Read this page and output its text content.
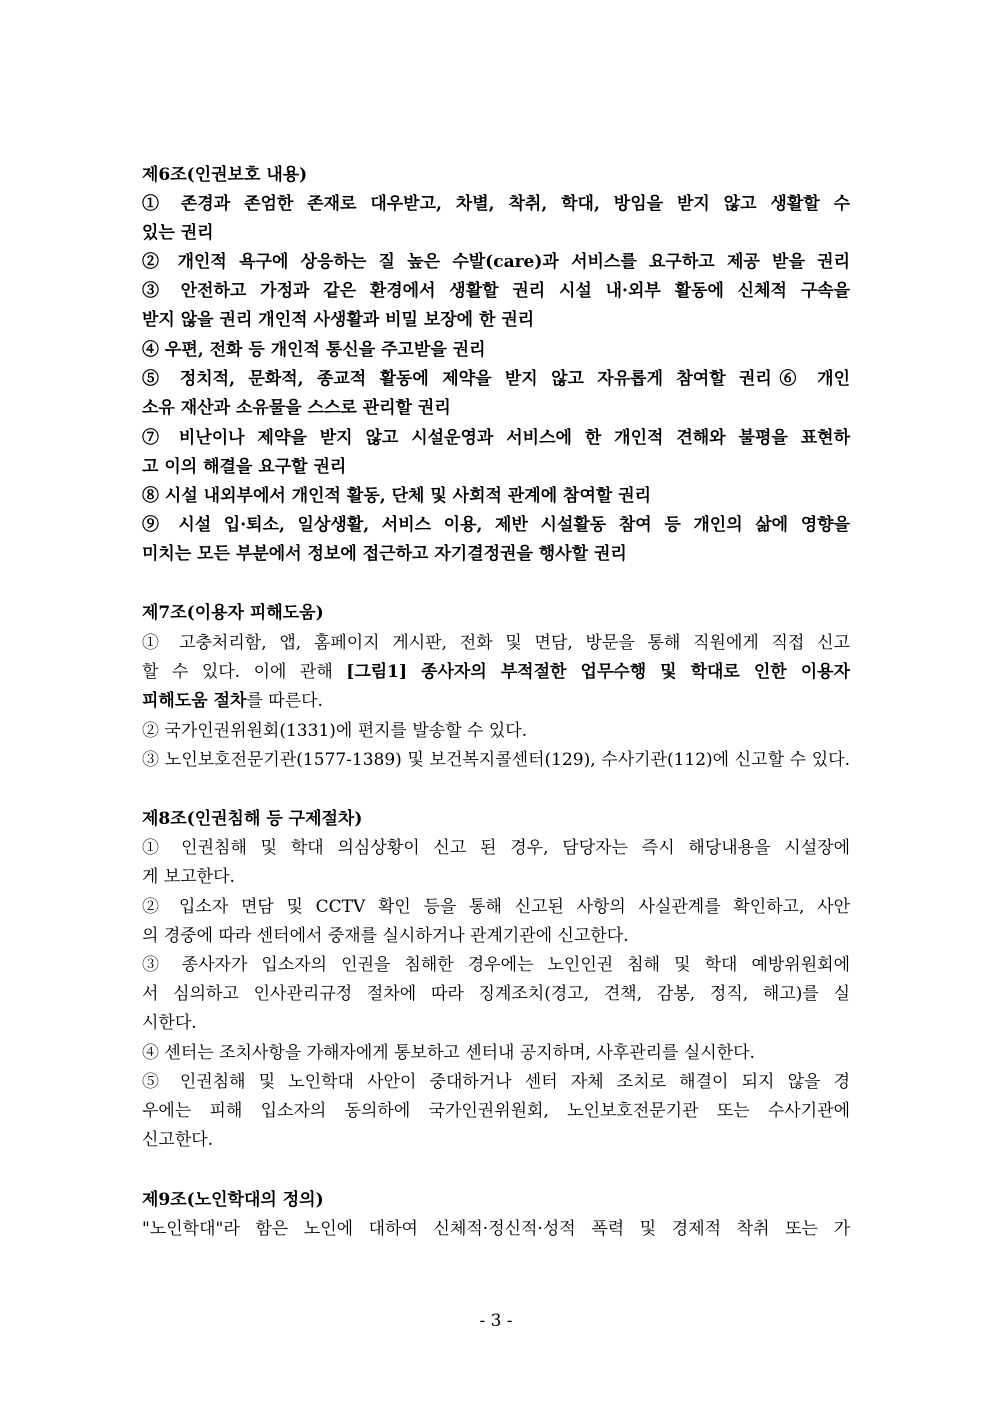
제6조(인권보호 내용)
① 존경과 존엄한 존재로 대우받고, 차별, 착취, 학대, 방임을 받지 않고 생활할 수
있는 권리
② 개인적 욕구에 상응하는 질 높은 수발(care)과 서비스를 요구하고 제공 받을 권리
③ 안전하고 가정과 같은 환경에서 생활할 권리 시설 내·외부 활동에 신체적 구속을
받지 않을 권리 개인적 사생활과 비밀 보장에 한 권리
④ 우편, 전화 등 개인적 통신을 주고받을 권리
⑤ 정치적, 문화적, 종교적 활동에 제약을 받지 않고 자유롭게 참여할 권리⑥ 개인
소유 재산과 소유물을 스스로 관리할 권리
⑦ 비난이나 제약을 받지 않고 시설운영과 서비스에 한 개인적 견해와 불평을 표현하
고 이의 해결을 요구할 권리
⑧ 시설 내외부에서 개인적 활동, 단체 및 사회적 관계에 참여할 권리
⑨ 시설 입·퇴소, 일상생활, 서비스 이용, 제반 시설활동 참여 등 개인의 삶에 영향을
미치는 모든 부분에서 정보에 접근하고 자기결정권을 행사할 권리
제7조(이용자 피해도움)
① 고충처리함, 앱, 홈페이지 게시판, 전화 및 면담, 방문을 통해 직원에게 직접 신고
할 수 있다. 이에 관해 [그림1] 종사자의 부적절한 업무수행 및 학대로 인한 이용자
피해도움 절차를 따른다.
② 국가인권위원회(1331)에 편지를 발송할 수 있다.
③ 노인보호전문기관(1577-1389) 및 보건복지콜센터(129), 수사기관(112)에 신고할 수 있다.
제8조(인권침해 등 구제절차)
① 인권침해 및 학대 의심상황이 신고 된 경우, 담당자는 즉시 해당내용을 시설장에
게 보고한다.
② 입소자 면담 및 CCTV 확인 등을 통해 신고된 사항의 사실관계를 확인하고, 사안
의 경중에 따라 센터에서 중재를 실시하거나 관계기관에 신고한다.
③ 종사자가 입소자의 인권을 침해한 경우에는 노인인권 침해 및 학대 예방위원회에
서 심의하고 인사관리규정 절차에 따라 징계조치(경고, 견책, 감봉, 정직, 해고)를 실
시한다.
④ 센터는 조치사항을 가해자에게 통보하고 센터내 공지하며, 사후관리를 실시한다.
⑤ 인권침해 및 노인학대 사안이 중대하거나 센터 자체 조치로 해결이 되지 않을 경
우에는 피해 입소자의 동의하에 국가인권위원회, 노인보호전문기관 또는 수사기관에
신고한다.
제9조(노인학대의 정의)
"노인학대"라 함은 노인에 대하여 신체적·정신적·성적 폭력 및 경제적 착취 또는 가
- 3 -
